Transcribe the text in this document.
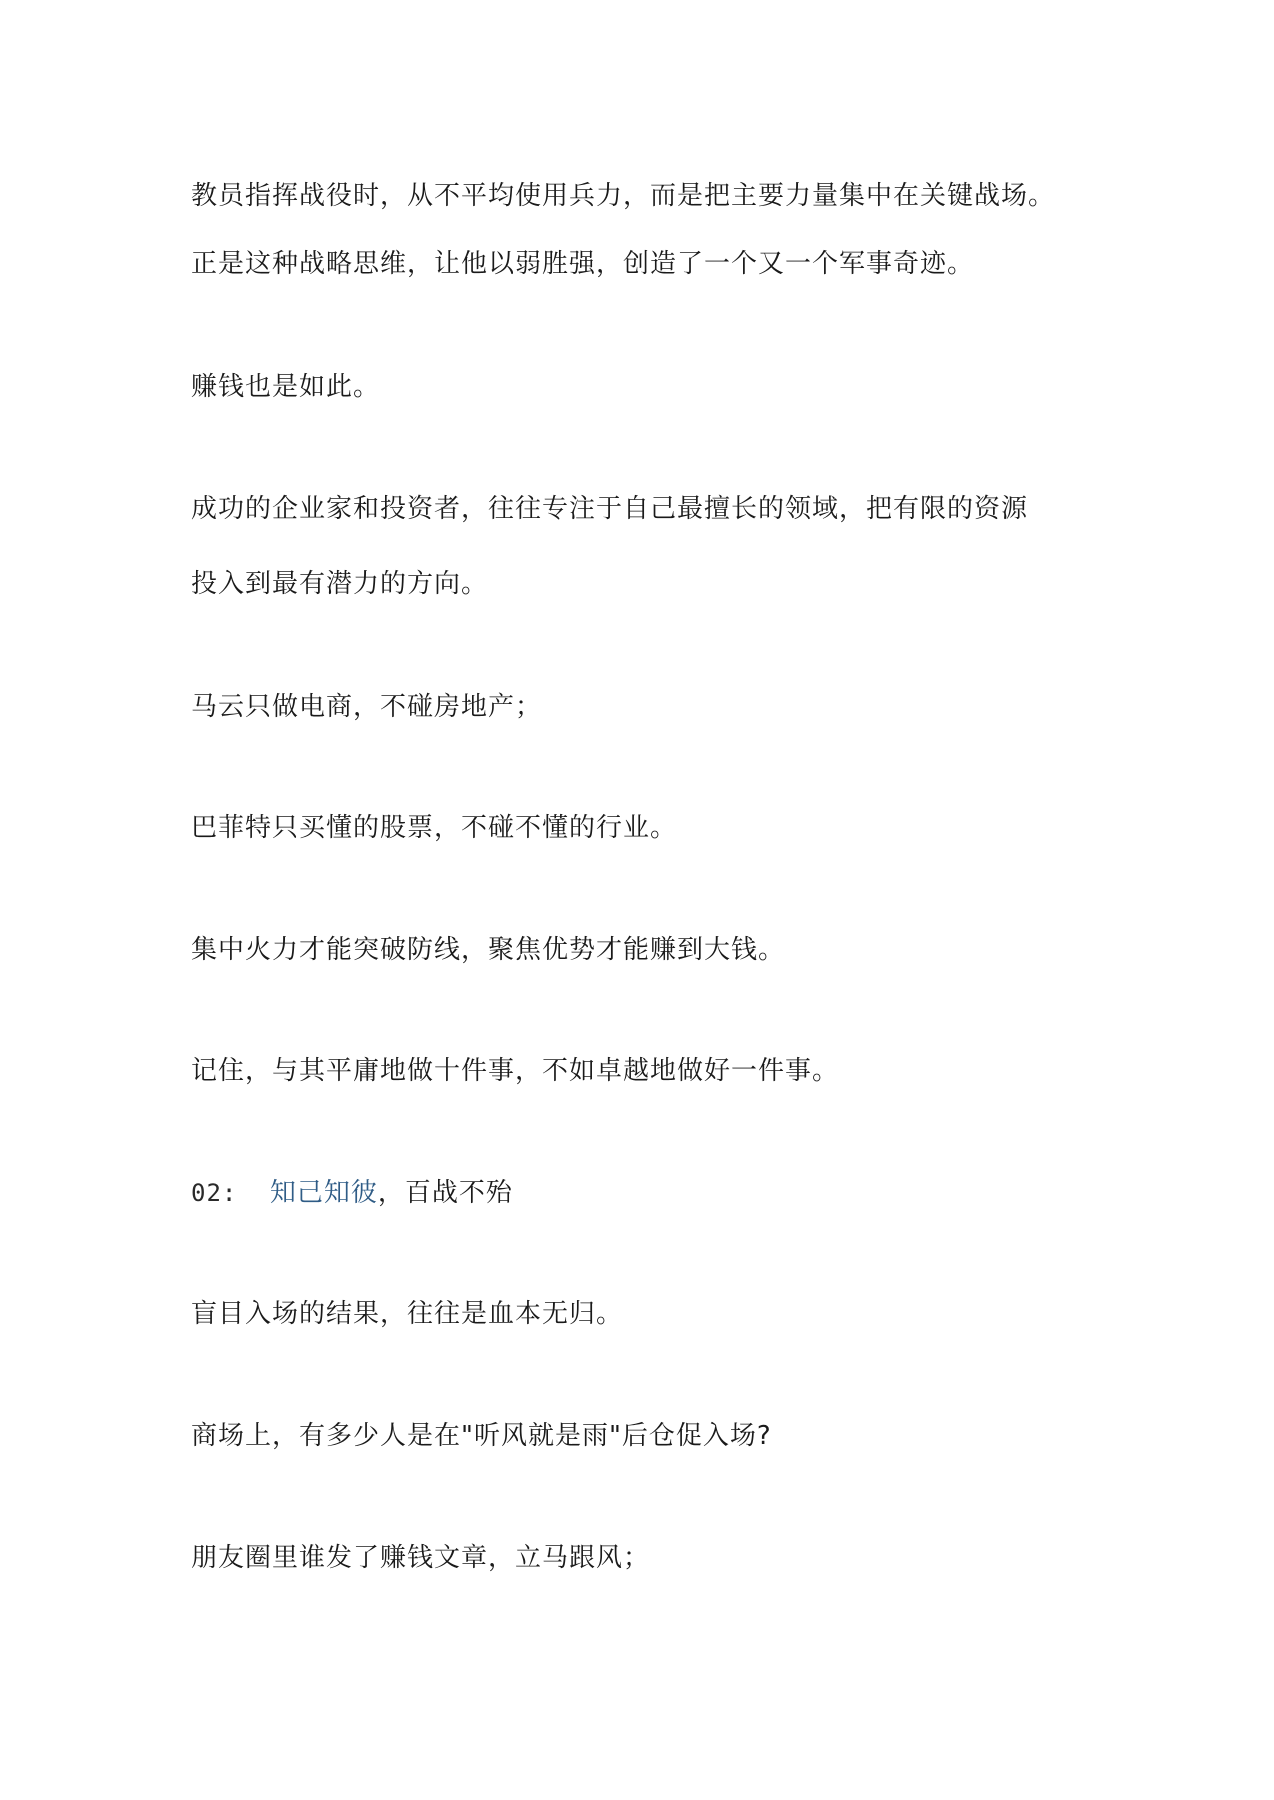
教员指挥战役时，从不平均使用兵力，而是把主要力量集中在关键战场。
正是这种战略思维，让他以弱胜强，创造了一个又一个军事奇迹。
赚钱也是如此。
成功的企业家和投资者，往往专注于自己最擅长的领域，把有限的资源
投入到最有潜力的方向。
马云只做电商，不碰房地产；
巴菲特只买懂的股票，不碰不懂的行业。
集中火力才能突破防线，聚焦优势才能赚到大钱。
记住，与其平庸地做十件事，不如卓越地做好一件事。
02: 知己知彼，百战不殆
盲目入场的结果，往往是血本无归。
商场上，有多少人是在"听风就是雨"后仓促入场?
朋友圈里谁发了赚钱文章，立马跟风；
